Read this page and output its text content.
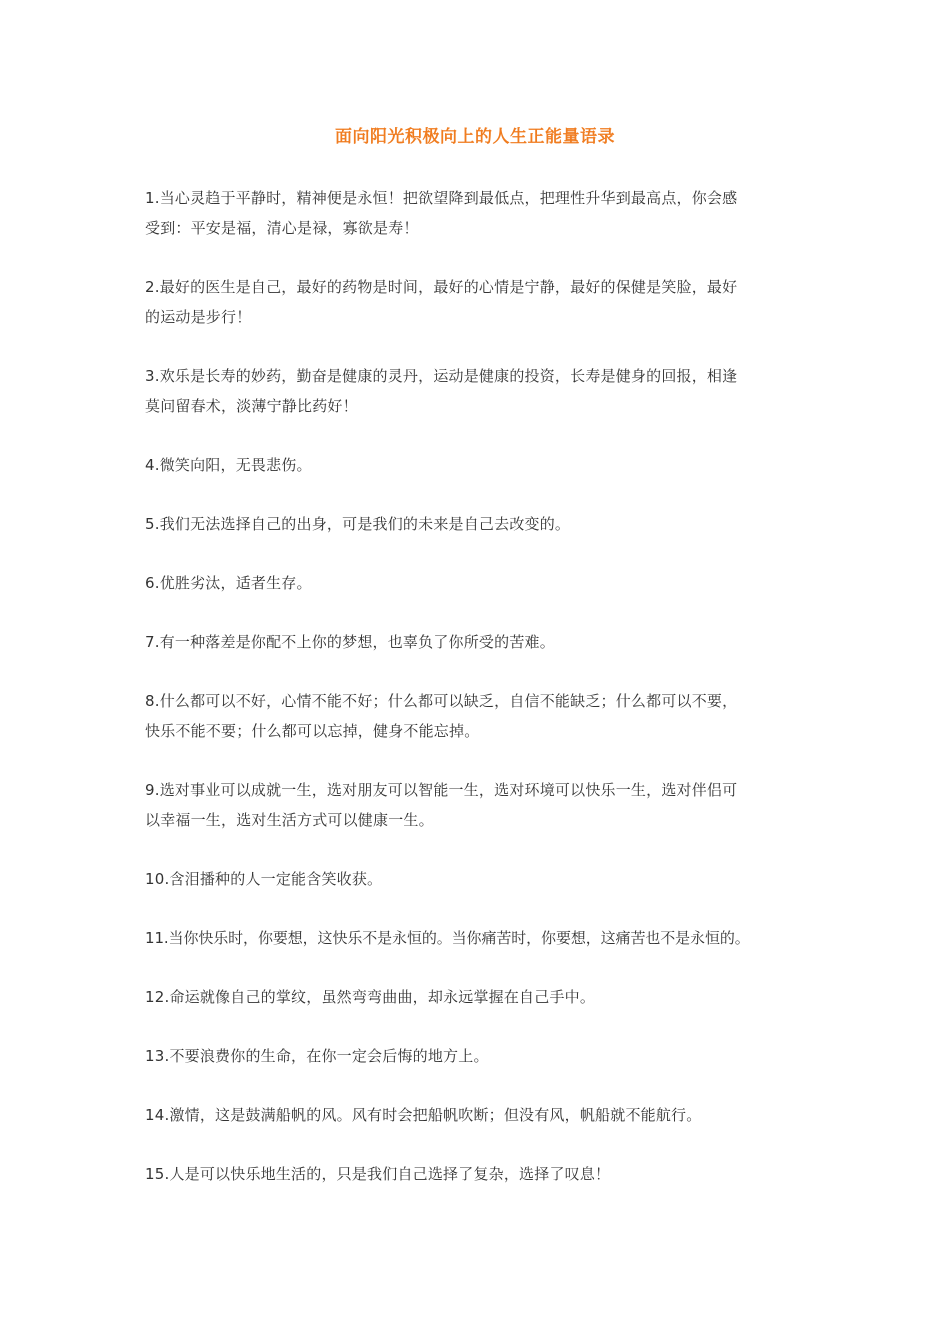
面向阳光积极向上的人生正能量语录

1.当心灵趋于平静时，精神便是永恒！把欲望降到最低点，把理性升华到最高点，你会感
受到：平安是福，清心是禄，寡欲是寿！

2.最好的医生是自己，最好的药物是时间，最好的心情是宁静，最好的保健是笑脸，最好
的运动是步行！

3.欢乐是长寿的妙药，勤奋是健康的灵丹，运动是健康的投资，长寿是健身的回报，相逢
莫问留春术，淡薄宁静比药好！

4.微笑向阳，无畏悲伤。

5.我们无法选择自己的出身，可是我们的未来是自己去改变的。

6.优胜劣汰，适者生存。

7.有一种落差是你配不上你的梦想，也辜负了你所受的苦难。

8.什么都可以不好，心情不能不好；什么都可以缺乏，自信不能缺乏；什么都可以不要，
快乐不能不要；什么都可以忘掉，健身不能忘掉。

9.选对事业可以成就一生，选对朋友可以智能一生，选对环境可以快乐一生，选对伴侣可
以幸福一生，选对生活方式可以健康一生。

10.含泪播种的人一定能含笑收获。

11.当你快乐时，你要想，这快乐不是永恒的。当你痛苦时，你要想，这痛苦也不是永恒的。

12.命运就像自己的掌纹，虽然弯弯曲曲，却永远掌握在自己手中。

13.不要浪费你的生命，在你一定会后悔的地方上。

14.激情，这是鼓满船帆的风。风有时会把船帆吹断；但没有风，帆船就不能航行。

15.人是可以快乐地生活的，只是我们自己选择了复杂，选择了叹息！
